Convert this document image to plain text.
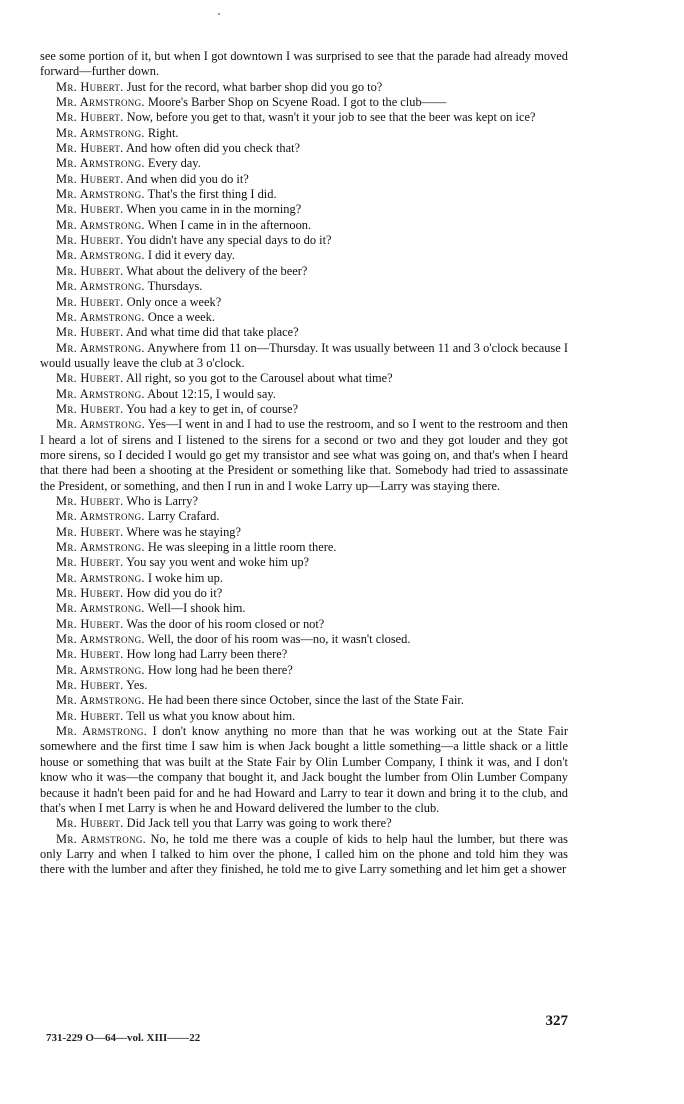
see some portion of it, but when I got downtown I was surprised to see that the parade had already moved forward—further down.
Mr. Hubert. Just for the record, what barber shop did you go to?
Mr. Armstrong. Moore's Barber Shop on Scyene Road. I got to the club——
Mr. Hubert. Now, before you get to that, wasn't it your job to see that the beer was kept on ice?
Mr. Armstrong. Right.
Mr. Hubert. And how often did you check that?
Mr. Armstrong. Every day.
Mr. Hubert. And when did you do it?
Mr. Armstrong. That's the first thing I did.
Mr. Hubert. When you came in in the morning?
Mr. Armstrong. When I came in in the afternoon.
Mr. Hubert. You didn't have any special days to do it?
Mr. Armstrong. I did it every day.
Mr. Hubert. What about the delivery of the beer?
Mr. Armstrong. Thursdays.
Mr. Hubert. Only once a week?
Mr. Armstrong. Once a week.
Mr. Hubert. And what time did that take place?
Mr. Armstrong. Anywhere from 11 on—Thursday. It was usually between 11 and 3 o'clock because I would usually leave the club at 3 o'clock.
Mr. Hubert. All right, so you got to the Carousel about what time?
Mr. Armstrong. About 12:15, I would say.
Mr. Hubert. You had a key to get in, of course?
Mr. Armstrong. Yes—I went in and I had to use the restroom, and so I went to the restroom and then I heard a lot of sirens and I listened to the sirens for a second or two and they got louder and they got more sirens, so I decided I would go get my transistor and see what was going on, and that's when I heard that there had been a shooting at the President or something like that. Somebody had tried to assassinate the President, or something, and then I run in and I woke Larry up—Larry was staying there.
Mr. Hubert. Who is Larry?
Mr. Armstrong. Larry Crafard.
Mr. Hubert. Where was he staying?
Mr. Armstrong. He was sleeping in a little room there.
Mr. Hubert. You say you went and woke him up?
Mr. Armstrong. I woke him up.
Mr. Hubert. How did you do it?
Mr. Armstrong. Well—I shook him.
Mr. Hubert. Was the door of his room closed or not?
Mr. Armstrong. Well, the door of his room was—no, it wasn't closed.
Mr. Hubert. How long had Larry been there?
Mr. Armstrong. How long had he been there?
Mr. Hubert. Yes.
Mr. Armstrong. He had been there since October, since the last of the State Fair.
Mr. Hubert. Tell us what you know about him.
Mr. Armstrong. I don't know anything no more than that he was working out at the State Fair somewhere and the first time I saw him is when Jack bought a little something—a little shack or a little house or something that was built at the State Fair by Olin Lumber Company, I think it was, and I don't know who it was—the company that bought it, and Jack bought the lumber from Olin Lumber Company because it hadn't been paid for and he had Howard and Larry to tear it down and bring it to the club, and that's when I met Larry is when he and Howard delivered the lumber to the club.
Mr. Hubert. Did Jack tell you that Larry was going to work there?
Mr. Armstrong. No, he told me there was a couple of kids to help haul the lumber, but there was only Larry and when I talked to him over the phone, I called him on the phone and told him they was there with the lumber and after they finished, he told me to give Larry something and let him get a shower
327
731-229 O—64—vol. XIII——22
